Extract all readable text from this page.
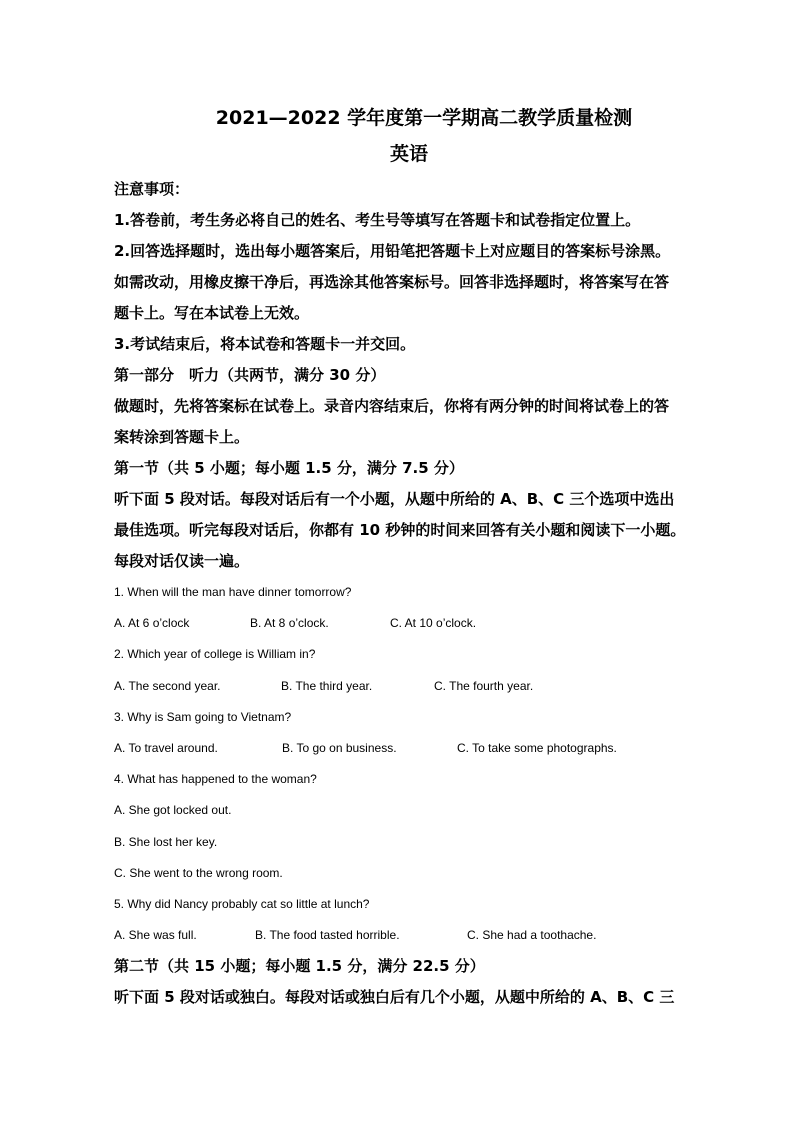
2021—2022 学年度第一学期高二教学质量检测
英语
注意事项：
1.答卷前，考生务必将自己的姓名、考生号等填写在答题卡和试卷指定位置上。
2.回答选择题时，选出每小题答案后，用铅笔把答题卡上对应题目的答案标号涂黑。
如需改动，用橡皮擦干净后，再选涂其他答案标号。回答非选择题时，将答案写在答
题卡上。写在本试卷上无效。
3.考试结束后，将本试卷和答题卡一并交回。
第一部分　听力（共两节，满分 30 分）
做题时，先将答案标在试卷上。录音内容结束后，你将有两分钟的时间将试卷上的答
案转涂到答题卡上。
第一节（共 5 小题；每小题 1.5 分，满分 7.5 分）
听下面 5 段对话。每段对话后有一个小题，从题中所给的 A、B、C 三个选项中选出
最佳选项。听完每段对话后，你都有 10 秒钟的时间来回答有关小题和阅读下一小题。
每段对话仅读一遍。
1. When will the man have dinner tomorrow?
A. At 6 o’clock	B. At 8 o’clock.	C. At 10 o’clock.
2. Which year of college is William in?
A. The second year.	B. The third year.	C. The fourth year.
3. Why is Sam going to Vietnam?
A. To travel around.	B. To go on business.	C. To take some photographs.
4. What has happened to the woman?
A. She got locked out.
B. She lost her key.
C. She went to the wrong room.
5. Why did Nancy probably cat so little at lunch?
A. She was full.	B. The food tasted horrible.	C. She had a toothache.
第二节（共 15 小题；每小题 1.5 分，满分 22.5 分）
听下面 5 段对话或独白。每段对话或独白后有几个小题，从题中所给的 A、B、C 三
